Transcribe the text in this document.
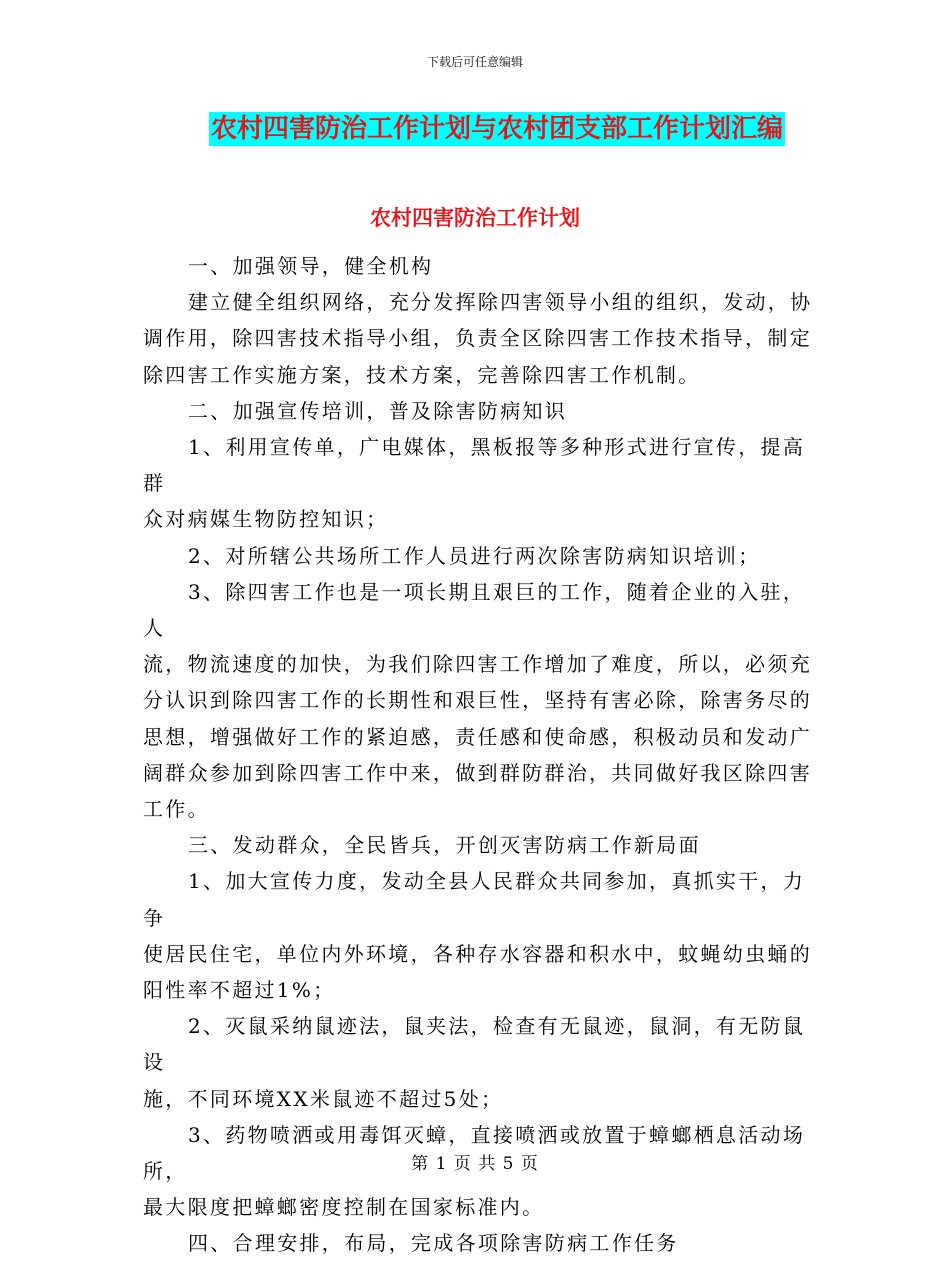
下载后可任意编辑
农村四害防治工作计划与农村团支部工作计划汇编
农村四害防治工作计划

一、加强领导，健全机构

建立健全组织网络，充分发挥除四害领导小组的组织，发动，协
调作用，除四害技术指导小组，负责全区除四害工作技术指导，制定
除四害工作实施方案，技术方案，完善除四害工作机制。

二、加强宣传培训，普及除害防病知识

1、利用宣传单，广电媒体，黑板报等多种形式进行宣传，提高群
众对病媒生物防控知识；

2、对所辖公共场所工作人员进行两次除害防病知识培训；

3、除四害工作也是一项长期且艰巨的工作，随着企业的入驻，人
流，物流速度的加快，为我们除四害工作增加了难度，所以，必须充
分认识到除四害工作的长期性和艰巨性，坚持有害必除，除害务尽的
思想，增强做好工作的紧迫感，责任感和使命感，积极动员和发动广
阔群众参加到除四害工作中来，做到群防群治，共同做好我区除四害
工作。

三、发动群众，全民皆兵，开创灭害防病工作新局面

1、加大宣传力度，发动全县人民群众共同参加，真抓实干，力争
使居民住宅，单位内外环境，各种存水容器和积水中，蚊蝇幼虫蛹的
阳性率不超过1%；

2、灭鼠采纳鼠迹法，鼠夹法，检查有无鼠迹，鼠洞，有无防鼠设
施，不同环境XX米鼠迹不超过5处；

3、药物喷洒或用毒饵灭蟑，直接喷洒或放置于蟑螂栖息活动场所，
最大限度把蟑螂密度控制在国家标准内。

四、合理安排，布局，完成各项除害防病工作任务

第 1 页 共 5 页
